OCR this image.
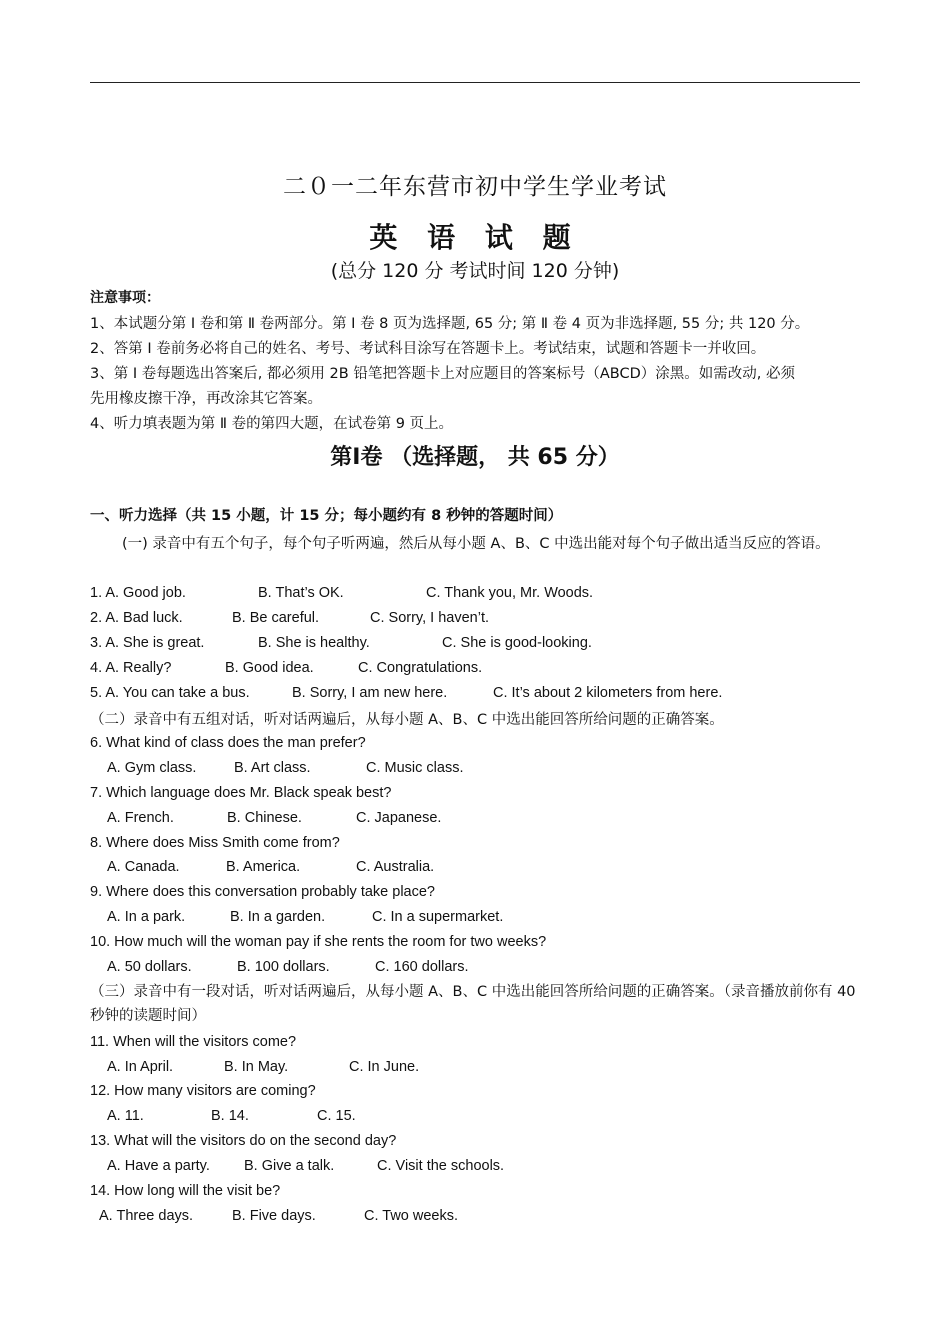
二０一二年东营市初中学生学业考试
英 语 试 题
(总分 120 分 考试时间 120 分钟)
注意事项：
1、本试题分第 Ⅰ 卷和第 Ⅱ 卷两部分。第 Ⅰ 卷 8 页为选择题, 65 分; 第 Ⅱ 卷 4 页为非选择题, 55 分; 共 120 分。
2、答第 Ⅰ 卷前务必将自己的姓名、考号、考试科目涂写在答题卡上。考试结束，试题和答题卡一并收回。
3、第 Ⅰ 卷每题选出答案后, 都必须用 2B 铅笔把答题卡上对应题目的答案标号（ABCD）涂黑。如需改动, 必须
先用橡皮擦干净，再改涂其它答案。
4、听力填表题为第 Ⅱ 卷的第四大题，在试卷第 9 页上。
第Ⅰ卷 （选择题， 共 65 分）
一、听力选择（共 15 小题，计 15 分；每小题约有 8 秒钟的答题时间）
(一) 录音中有五个句子，每个句子听两遍，然后从每小题 A、B、C 中选出能对每个句子做出适当反应的答语。
1. A. Good job.	B. That’s OK.	C. Thank you, Mr. Woods.
2. A. Bad luck.	B. Be careful.	C. Sorry, I haven’t.
3. A. She is great.	B. She is healthy.	C. She is good-looking.
4. A. Really?	B. Good idea.	C. Congratulations.
5. A. You can take a bus.	B. Sorry, I am new here.	C. It’s about 2 kilometers from here.
（二）录音中有五组对话，听对话两遍后，从每小题 A、B、C 中选出能回答所给问题的正确答案。
6. What kind of class does the man prefer?
A. Gym class.	B. Art class.	C. Music class.
7. Which language does Mr. Black speak best?
A. French.	B. Chinese.	C. Japanese.
8. Where does Miss Smith come from?
A. Canada.	B. America.	C. Australia.
9. Where does this conversation probably take place?
A. In a park.	B. In a garden.	C. In a supermarket.
10. How much will the woman pay if she rents the room for two weeks?
A. 50 dollars.	B. 100 dollars.	C. 160 dollars.
（三）录音中有一段对话，听对话两遍后，从每小题 A、B、C 中选出能回答所给问题的正确答案。（录音播放前你有 40 秒钟的读题时间）
11. When will the visitors come?
A. In April.	B. In May.	C. In June.
12. How many visitors are coming?
A. 11.	B. 14.	C. 15.
13. What will the visitors do on the second day?
A. Have a party. B. Give a talk.	C. Visit the schools.
14. How long will the visit be?
A. Three days.	B. Five days.	C. Two weeks.
